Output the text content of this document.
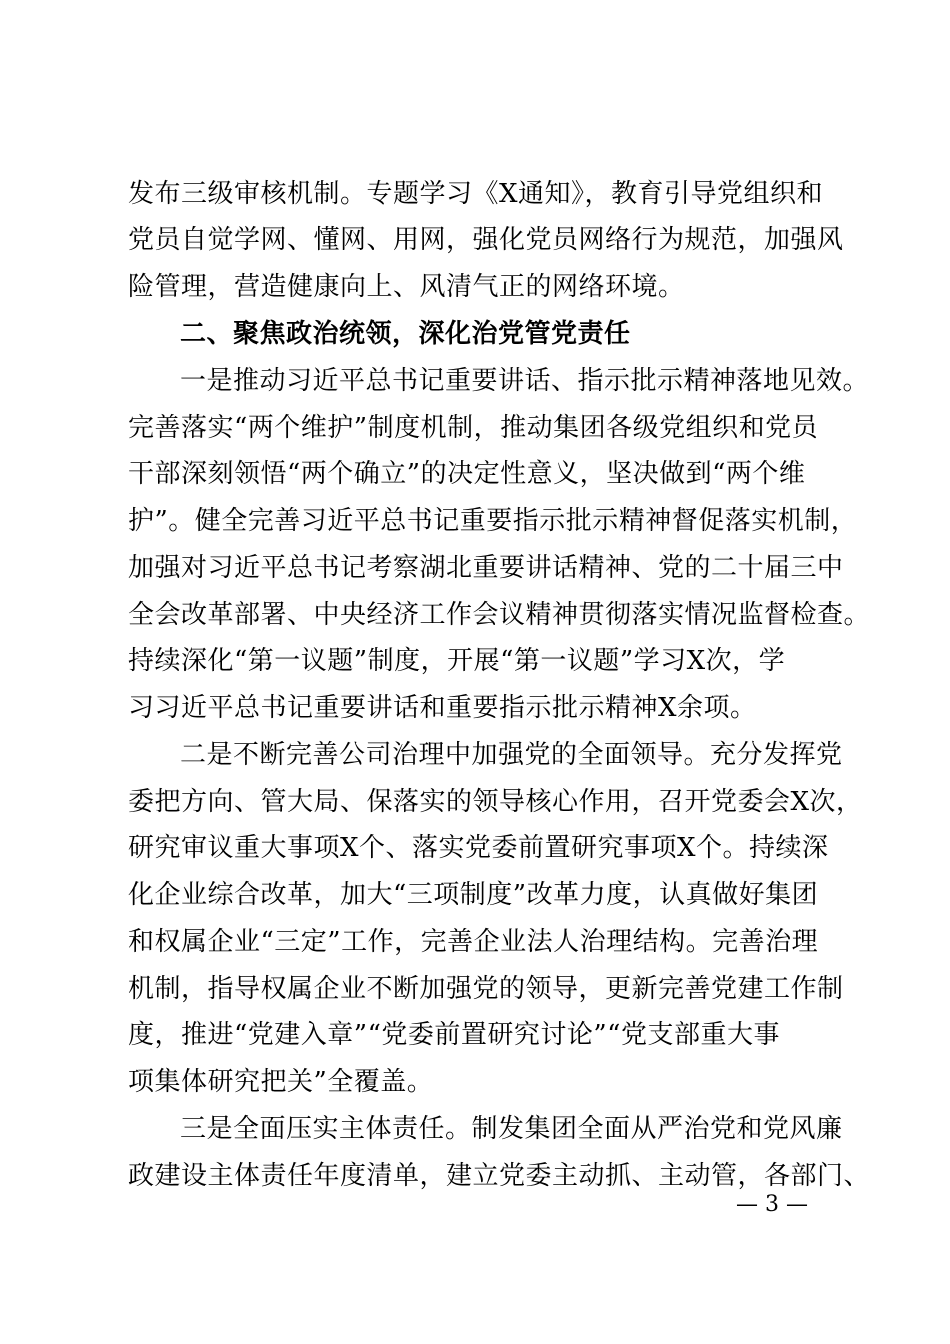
发布三级审核机制。专题学习《X通知》，教育引导党组织和
党员自觉学网、懂网、用网，强化党员网络行为规范，加强风
险管理，营造健康向上、风清气正的网络环境。
二、聚焦政治统领，深化治党管党责任
一是推动习近平总书记重要讲话、指示批示精神落地见效。
完善落实“两个维护”制度机制，推动集团各级党组织和党员
干部深刻领悟“两个确立”的决定性意义，坚决做到“两个维
护”。健全完善习近平总书记重要指示批示精神督促落实机制，
加强对习近平总书记考察湖北重要讲话精神、党的二十届三中
全会改革部署、中央经济工作会议精神贯彻落实情况监督检查。
持续深化“第一议题”制度，开展“第一议题”学习X次，学
习习近平总书记重要讲话和重要指示批示精神X余项。
二是不断完善公司治理中加强党的全面领导。充分发挥党
委把方向、管大局、保落实的领导核心作用，召开党委会X次，
研究审议重大事项X个、落实党委前置研究事项X个。持续深
化企业综合改革，加大“三项制度”改革力度，认真做好集团
和权属企业“三定”工作，完善企业法人治理结构。完善治理
机制，指导权属企业不断加强党的领导，更新完善党建工作制
度，推进“党建入章”“党委前置研究讨论”“党支部重大事
项集体研究把关”全覆盖。
三是全面压实主体责任。制发集团全面从严治党和党风廉
政建设主体责任年度清单，建立党委主动抓、主动管，各部门、
— 3 —
